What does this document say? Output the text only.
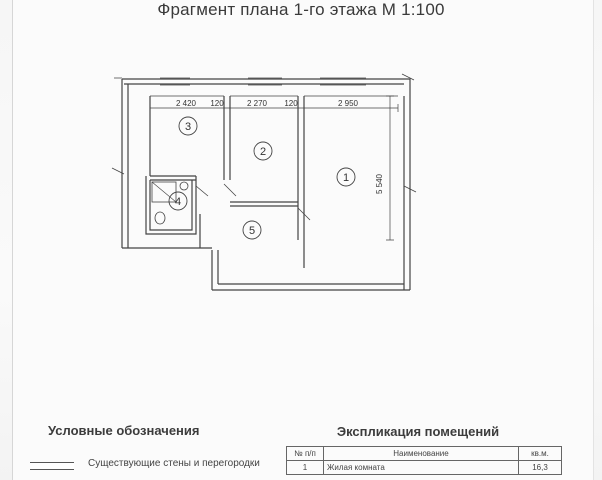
Фрагмент плана 1-го этажа М 1:100
3
2
1
4
5
2 420 120	2 270 120	2 950
5 540
Условные обозначения
Существующие стены и перегородки
Экспликация помещений
№ п/п	Наименование	кв.м.
1	Жилая комната	16,3
